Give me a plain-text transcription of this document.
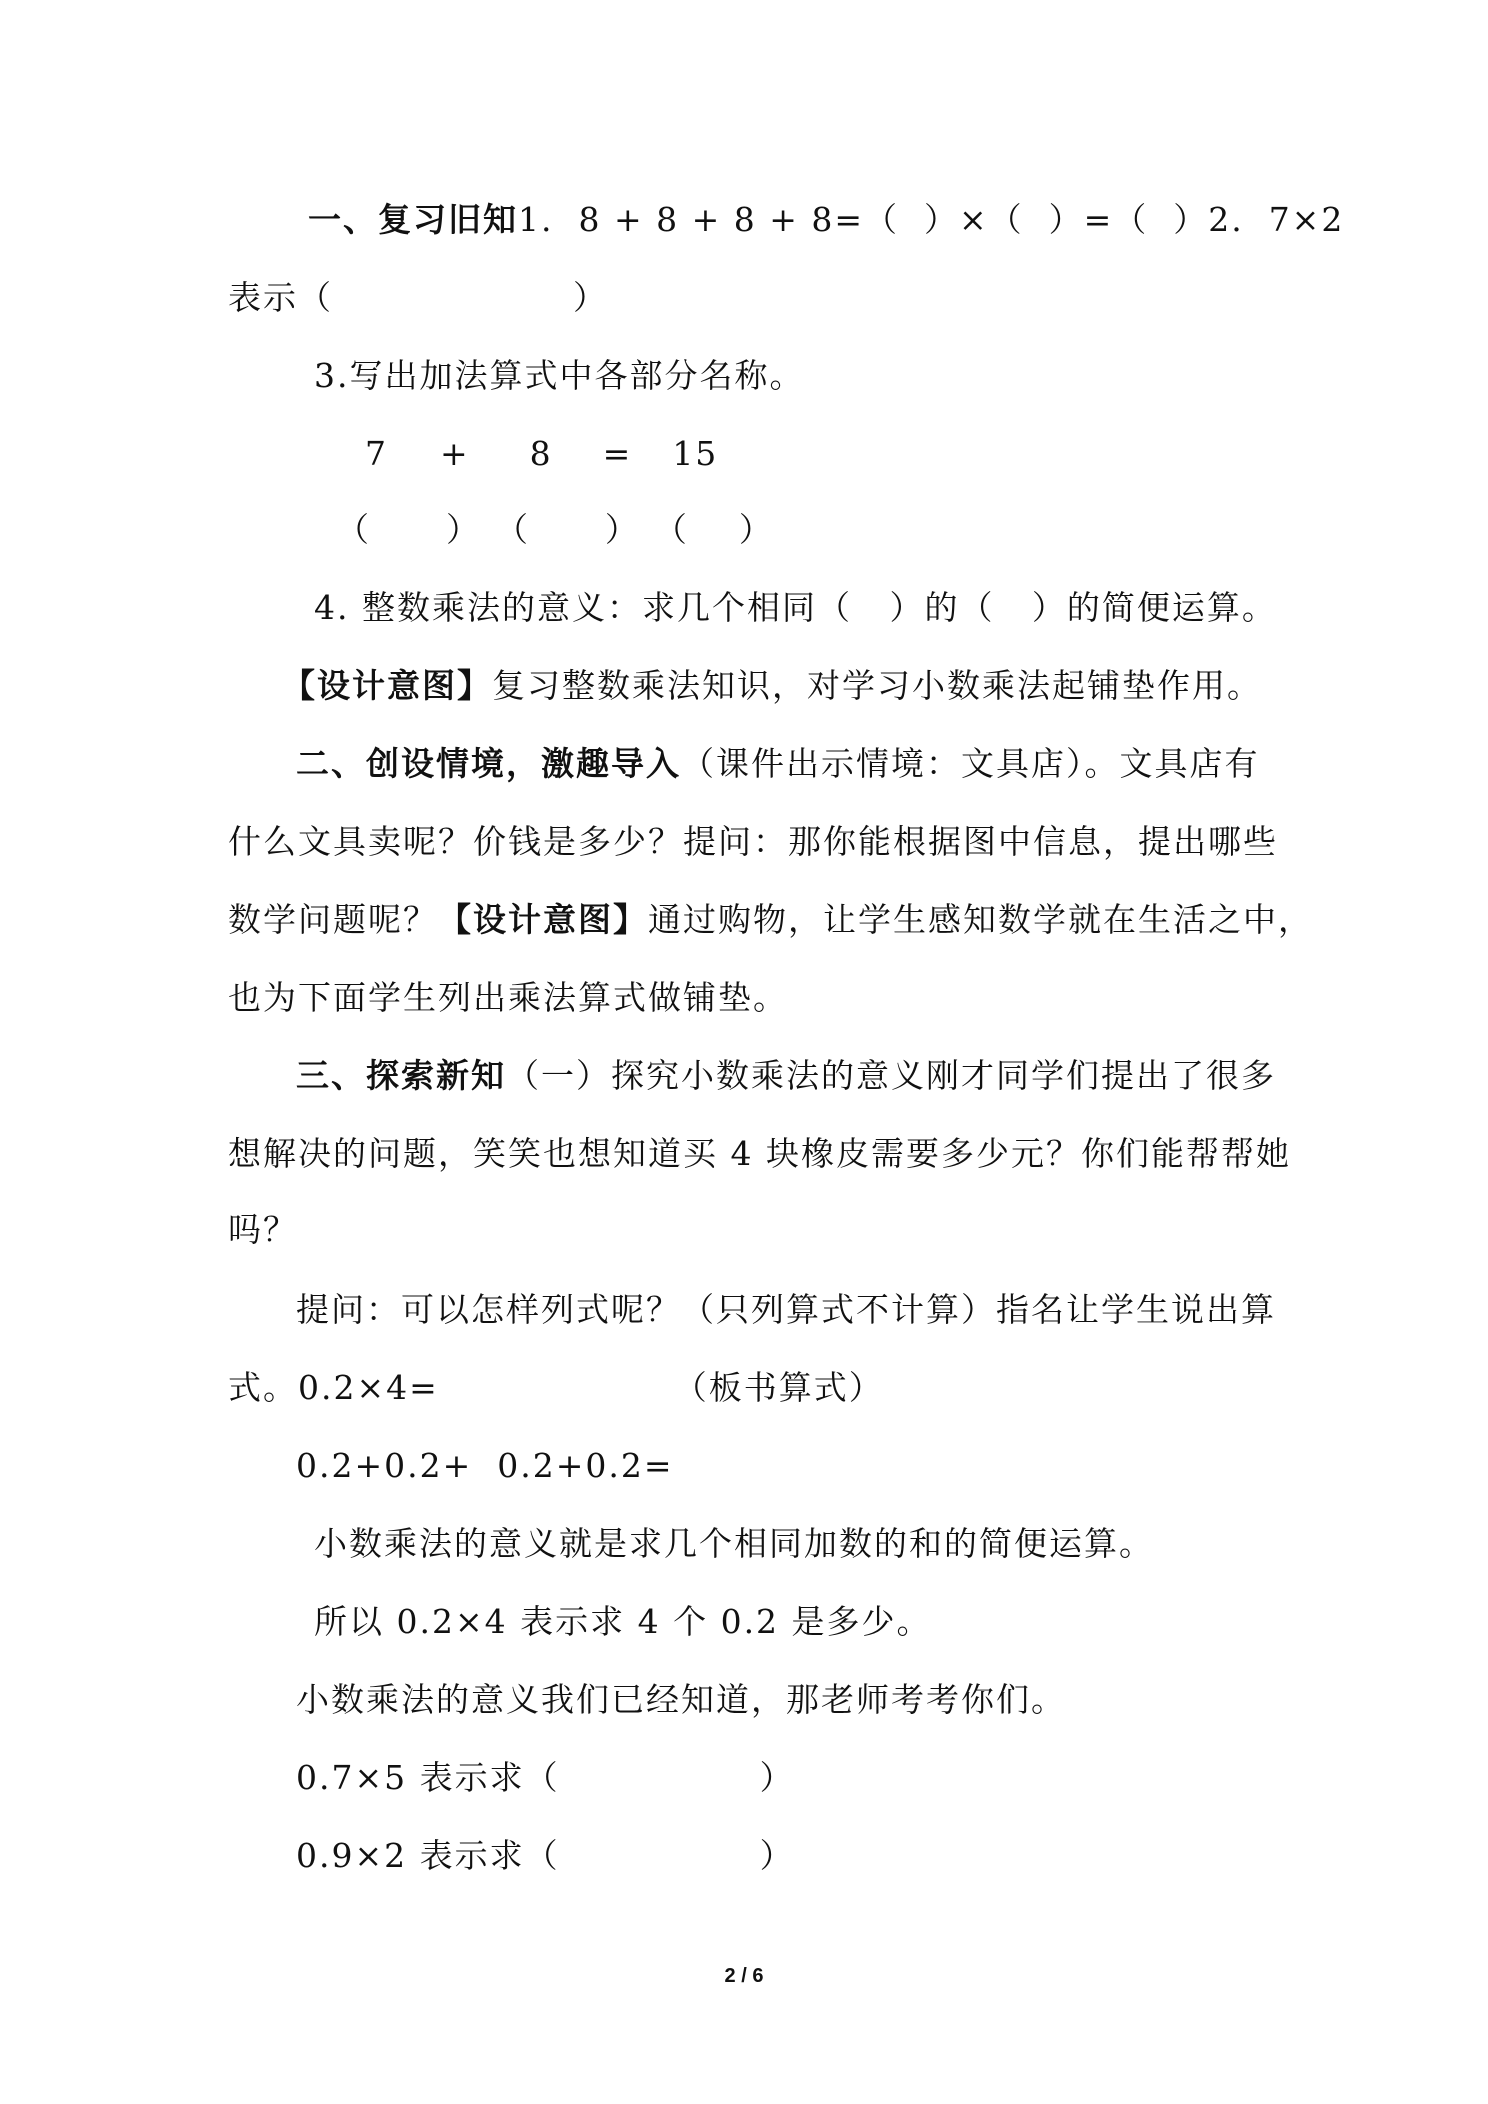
一、复习旧知1.  8 + 8 + 8 + 8=（  ）×（  ）=（  ）2.  7×2
表示（	）
3.写出加法算式中各部分名称。
7 + 8 = 15
（      ） （      ） （    ）
4. 整数乘法的意义：求几个相同（   ）的（   ）的简便运算。
【设计意图】复习整数乘法知识，对学习小数乘法起铺垫作用。
二、创设情境，激趣导入（课件出示情境：文具店）。文具店有
什么文具卖呢？价钱是多少？提问：那你能根据图中信息，提出哪些
数学问题呢？【设计意图】通过购物，让学生感知数学就在生活之中，
也为下面学生列出乘法算式做铺垫。
三、探索新知（一）探究小数乘法的意义刚才同学们提出了很多
想解决的问题，笑笑也想知道买 4 块橡皮需要多少元？你们能帮帮她
吗？
提问：可以怎样列式呢？（只列算式不计算）指名让学生说出算
式。0.2×4=	（板书算式）
0.2+0.2+  0.2+0.2=
小数乘法的意义就是求几个相同加数的和的简便运算。
所以 0.2×4 表示求 4 个 0.2 是多少。
小数乘法的意义我们已经知道，那老师考考你们。
0.7×5 表示求（	）
0.9×2 表示求（	）
2 / 6
